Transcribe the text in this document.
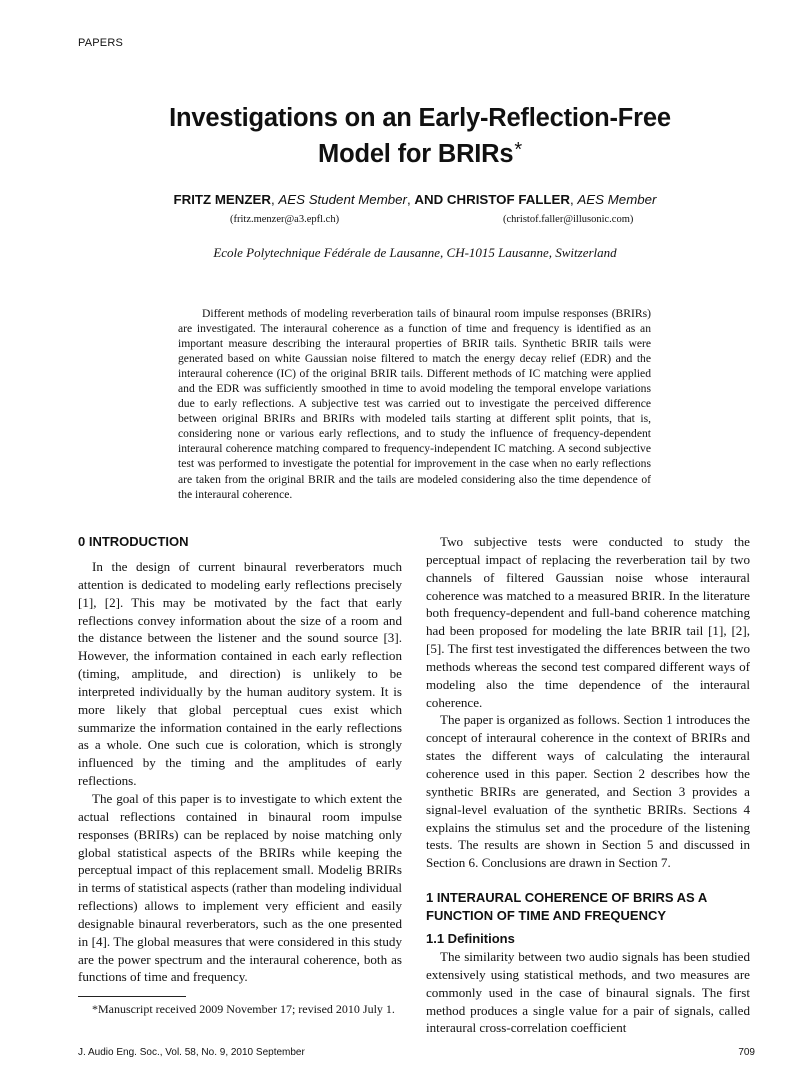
PAPERS
Investigations on an Early-Reflection-Free
Model for BRIRs*
FRITZ MENZER, AES Student Member, AND CHRISTOF FALLER, AES Member
(fritz.menzer@a3.epfl.ch)	(christof.faller@illusonic.com)
Ecole Polytechnique Fédérale de Lausanne, CH-1015 Lausanne, Switzerland
Different methods of modeling reverberation tails of binaural room impulse responses (BRIRs) are investigated. The interaural coherence as a function of time and frequency is identified as an important measure describing the interaural properties of BRIR tails. Synthetic BRIR tails were generated based on white Gaussian noise filtered to match the energy decay relief (EDR) and the interaural coherence (IC) of the original BRIR tails. Different methods of IC matching were applied and the EDR was sufficiently smoothed in time to avoid modeling the temporal envelope variations due to early reflections. A subjective test was carried out to investigate the perceived difference between original BRIRs and BRIRs with modeled tails starting at different split points, that is, considering none or various early reflections, and to study the influence of frequency-dependent interaural coherence matching compared to frequency-independent IC matching. A second subjective test was performed to investigate the potential for improvement in the case when no early reflections are taken from the original BRIR and the tails are modeled considering also the time dependence of the interaural coherence.
0 INTRODUCTION

In the design of current binaural reverberators much attention is dedicated to modeling early reflections precisely [1], [2]. This may be motivated by the fact that early reflections convey information about the size of a room and the distance between the listener and the sound source [3]. However, the information contained in each early reflection (timing, amplitude, and direction) is unlikely to be interpreted individually by the human auditory system. It is more likely that global perceptual cues exist which summarize the information contained in the early reflections as a whole. One such cue is coloration, which is strongly influenced by the timing and the amplitudes of early reflections.

The goal of this paper is to investigate to which extent the actual reflections contained in binaural room impulse responses (BRIRs) can be replaced by noise matching only global statistical aspects of the BRIRs while keeping the perceptual impact of this replacement small. Modelig BRIRs in terms of statistical aspects (rather than modeling individual reflections) allows to implement very efficient and easily designable binaural reverberators, such as the one presented in [4]. The global measures that were considered in this study are the power spectrum and the interaural coherence, both as functions of time and frequency.

Two subjective tests were conducted to study the perceptual impact of replacing the reverberation tail by two channels of filtered Gaussian noise whose interaural coherence was matched to a measured BRIR. In the literature both frequency-dependent and full-band coherence matching had been proposed for modeling the late BRIR tail [1], [2], [5]. The first test investigated the differences between the two methods whereas the second test compared different ways of modeling also the time dependence of the interaural coherence.

The paper is organized as follows. Section 1 introduces the concept of interaural coherence in the context of BRIRs and states the different ways of calculating the interaural coherence used in this paper. Section 2 describes how the synthetic BRIRs are generated, and Section 3 provides a signal-level evaluation of the synthetic BRIRs. Sections 4 explains the stimulus set and the procedure of the listening tests. The results are shown in Section 5 and discussed in Section 6. Conclusions are drawn in Section 7.

1 INTERAURAL COHERENCE OF BRIRS AS A FUNCTION OF TIME AND FREQUENCY
1.1 Definitions

The similarity between two audio signals has been studied extensively using statistical methods, and two measures are commonly used in the case of binaural signals. The first method produces a single value for a pair of signals, called interaural cross-correlation coefficient

*Manuscript received 2009 November 17; revised 2010 July 1.
J. Audio Eng. Soc., Vol. 58, No. 9, 2010 September	709
